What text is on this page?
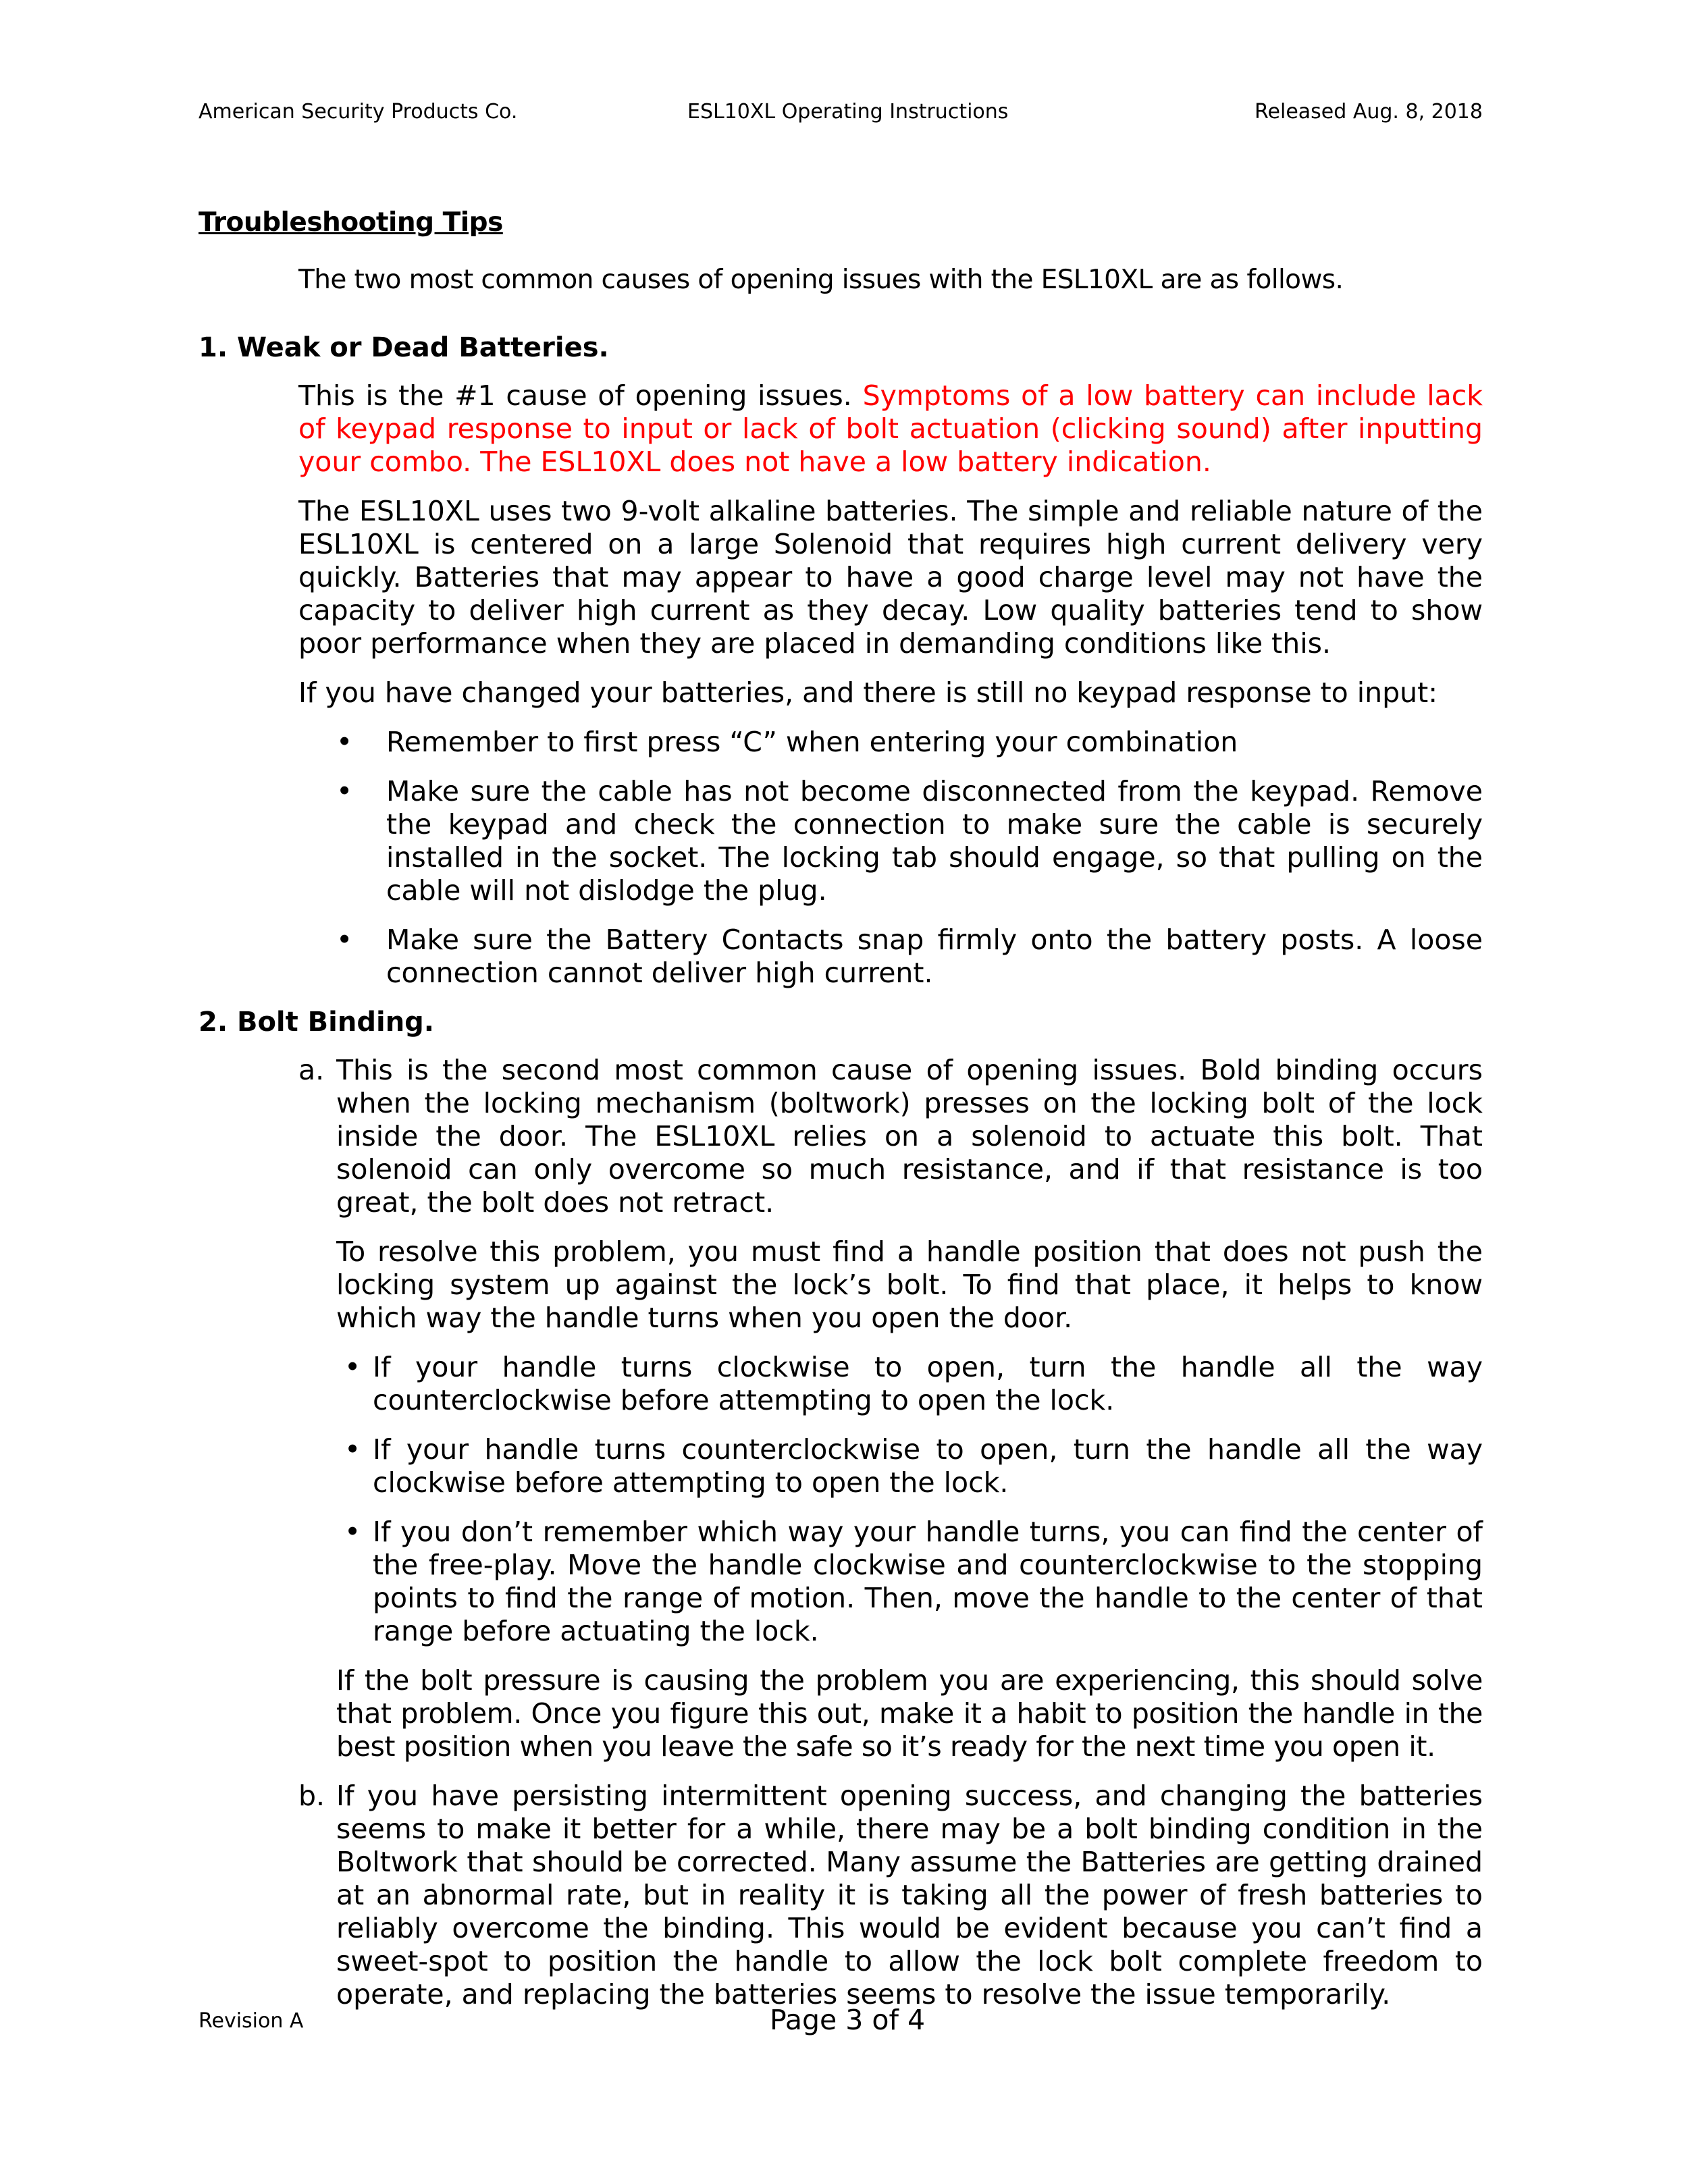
American Security Products Co.	ESL10XL Operating Instructions	Released Aug. 8, 2018
Troubleshooting Tips
The two most common causes of opening issues with the ESL10XL are as follows.
1. Weak or Dead Batteries.
This is the #1 cause of opening issues. Symptoms of a low battery can include lack of keypad response to input or lack of bolt actuation (clicking sound) after inputting your combo. The ESL10XL does not have a low battery indication.
The ESL10XL uses two 9-volt alkaline batteries. The simple and reliable nature of the ESL10XL is centered on a large Solenoid that requires high current delivery very quickly. Batteries that may appear to have a good charge level may not have the capacity to deliver high current as they decay. Low quality batteries tend to show poor performance when they are placed in demanding conditions like this.
If you have changed your batteries, and there is still no keypad response to input:
• Remember to first press “C” when entering your combination
• Make sure the cable has not become disconnected from the keypad. Remove the keypad and check the connection to make sure the cable is securely installed in the socket. The locking tab should engage, so that pulling on the cable will not dislodge the plug.
• Make sure the Battery Contacts snap firmly onto the battery posts. A loose connection cannot deliver high current.
2. Bolt Binding.
a. This is the second most common cause of opening issues. Bold binding occurs when the locking mechanism (boltwork) presses on the locking bolt of the lock inside the door. The ESL10XL relies on a solenoid to actuate this bolt. That solenoid can only overcome so much resistance, and if that resistance is too great, the bolt does not retract.
To resolve this problem, you must find a handle position that does not push the locking system up against the lock’s bolt. To find that place, it helps to know which way the handle turns when you open the door.
• If your handle turns clockwise to open, turn the handle all the way counterclockwise before attempting to open the lock.
• If your handle turns counterclockwise to open, turn the handle all the way clockwise before attempting to open the lock.
• If you don’t remember which way your handle turns, you can find the center of the free-play. Move the handle clockwise and counterclockwise to the stopping points to find the range of motion. Then, move the handle to the center of that range before actuating the lock.
If the bolt pressure is causing the problem you are experiencing, this should solve that problem. Once you figure this out, make it a habit to position the handle in the best position when you leave the safe so it’s ready for the next time you open it.
b. If you have persisting intermittent opening success, and changing the batteries seems to make it better for a while, there may be a bolt binding condition in the Boltwork that should be corrected. Many assume the Batteries are getting drained at an abnormal rate, but in reality it is taking all the power of fresh batteries to reliably overcome the binding. This would be evident because you can’t find a sweet-spot to position the handle to allow the lock bolt complete freedom to operate, and replacing the batteries seems to resolve the issue temporarily.
Revision A	Page 3 of 4
